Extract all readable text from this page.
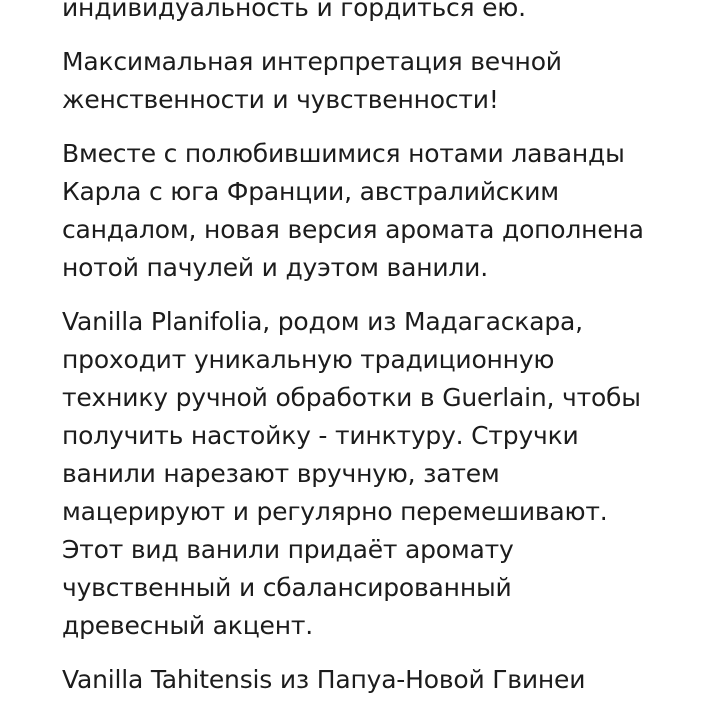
индивидуальность и гордиться ею.

Максимальная интерпретация вечной
женственности и чувственности!

Вместе с полюбившимися нотами лаванды
Карла с юга Франции, австралийским
сандалом, новая версия аромата дополнена
нотой пачулей и дуэтом ванили.

Vanilla Planifolia, родом из Мадагаскара,
проходит уникальную традиционную
технику ручной обработки в Guerlain, чтобы
получить настойку - тинктуру. Стручки
ванили нарезают вручную, затем
мацерируют и регулярно перемешивают.
Этот вид ванили придаёт аромату
чувственный и сбалансированный
древесный акцент.

Vanilla Tahitensis из Папуа-Новой Гвинеи
